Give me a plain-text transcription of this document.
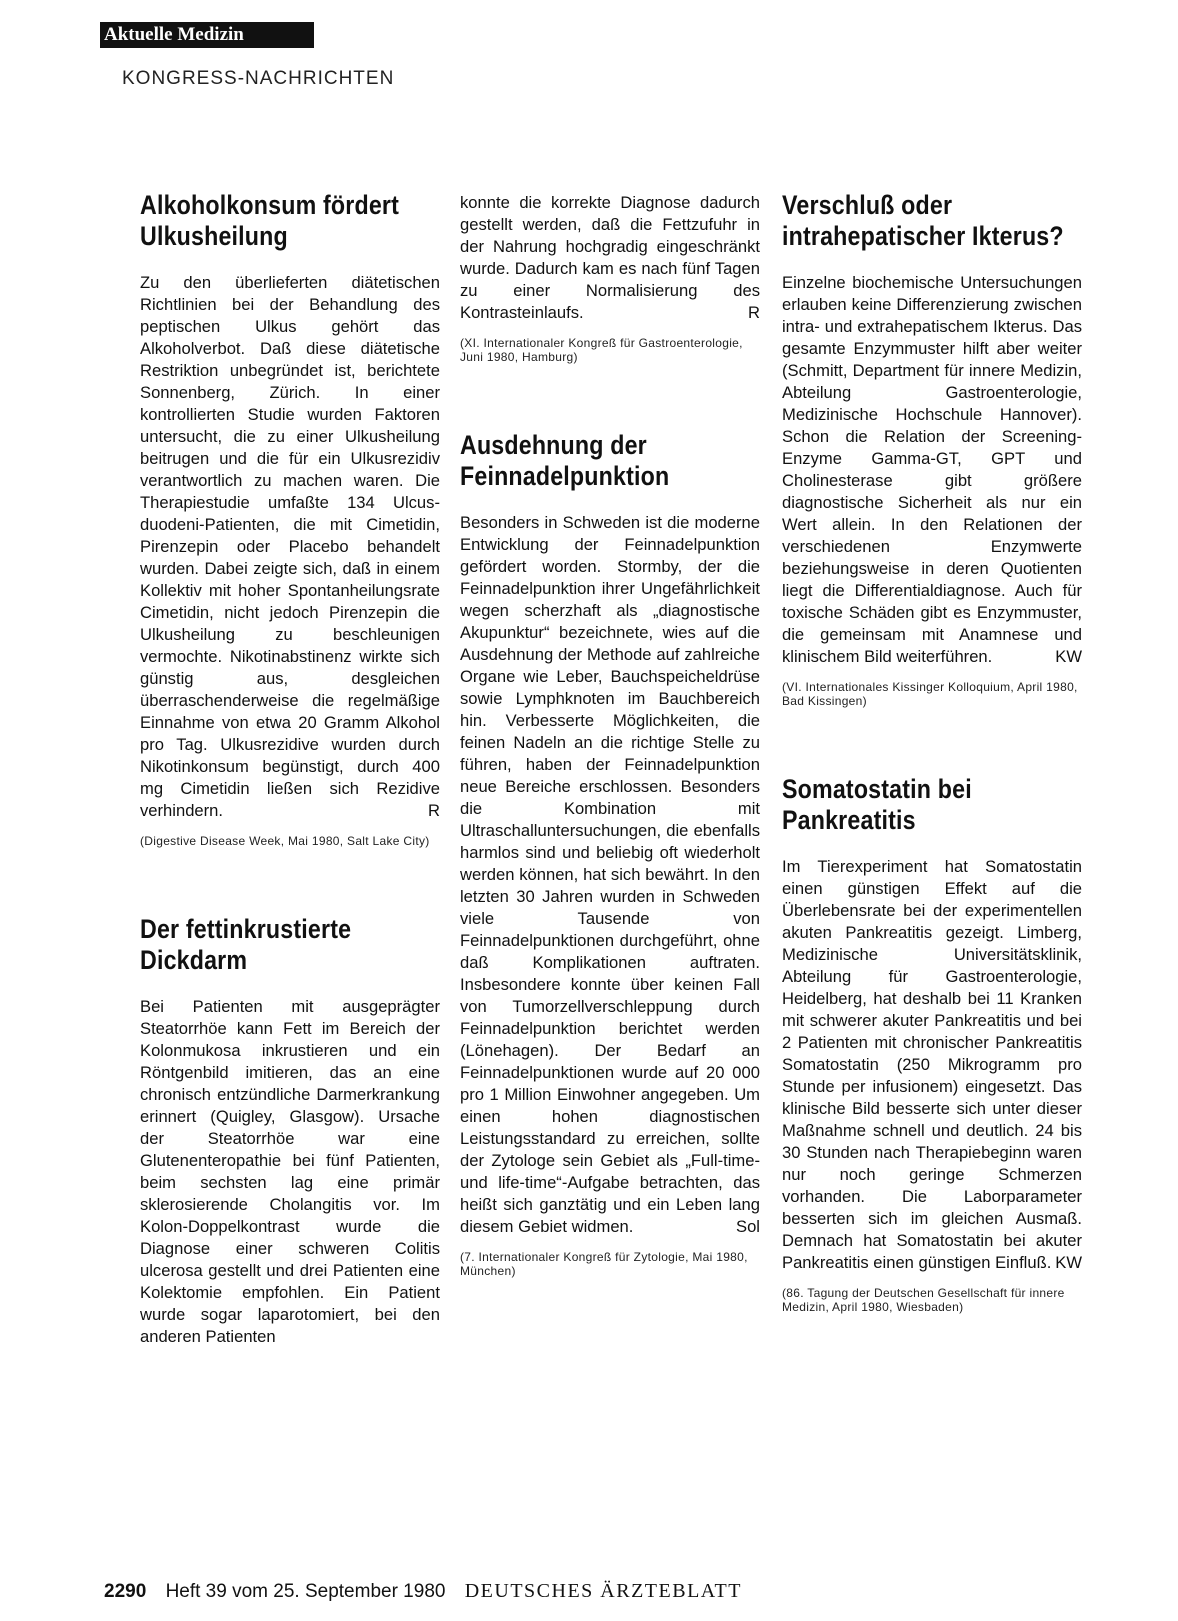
Aktuelle Medizin
KONGRESS-NACHRICHTEN
Alkoholkonsum fördert Ulkusheilung

Zu den überlieferten diätetischen Richtlinien bei der Behandlung des peptischen Ulkus gehört das Alkoholverbot. Daß diese diätetische Restriktion unbegründet ist, berichtete Sonnenberg, Zürich. In einer kontrollierten Studie wurden Faktoren untersucht, die zu einer Ulkusheilung beitrugen und die für ein Ulkusrezidiv verantwortlich zu machen waren. Die Therapiestudie umfaßte 134 Ulcus-duodeni-Patienten, die mit Cimetidin, Pirenzepin oder Placebo behandelt wurden. Dabei zeigte sich, daß in einem Kollektiv mit hoher Spontanheilungsrate Cimetidin, nicht jedoch Pirenzepin die Ulkusheilung zu beschleunigen vermochte. Nikotinabstinenz wirkte sich günstig aus, desgleichen überraschenderweise die regelmäßige Einnahme von etwa 20 Gramm Alkohol pro Tag. Ulkusrezidive wurden durch Nikotinkonsum begünstigt, durch 400 mg Cimetidin ließen sich Rezidive verhindern.	R

(Digestive Disease Week, Mai 1980, Salt Lake City)

Der fettinkrustierte Dickdarm

Bei Patienten mit ausgeprägter Steatorrhöe kann Fett im Bereich der Kolonmukosa inkrustieren und ein Röntgenbild imitieren, das an eine chronisch entzündliche Darmerkrankung erinnert (Quigley, Glasgow). Ursache der Steatorrhöe war eine Glutenenteropathie bei fünf Patienten, beim sechsten lag eine primär sklerosierende Cholangitis vor. Im Kolon-Doppelkontrast wurde die Diagnose einer schweren Colitis ulcerosa gestellt und drei Patienten eine Kolektomie empfohlen. Ein Patient wurde sogar laparotomiert, bei den anderen Patienten

konnte die korrekte Diagnose dadurch gestellt werden, daß die Fettzufuhr in der Nahrung hochgradig eingeschränkt wurde. Dadurch kam es nach fünf Tagen zu einer Normalisierung des Kontrasteinlaufs.	R

(XI. Internationaler Kongreß für Gastroenterologie, Juni 1980, Hamburg)

Ausdehnung der Feinnadelpunktion

Besonders in Schweden ist die moderne Entwicklung der Feinnadelpunktion gefördert worden. Stormby, der die Feinnadelpunktion ihrer Ungefährlichkeit wegen scherzhaft als „diagnostische Akupunktur“ bezeichnete, wies auf die Ausdehnung der Methode auf zahlreiche Organe wie Leber, Bauchspeicheldrüse sowie Lymphknoten im Bauchbereich hin. Verbesserte Möglichkeiten, die feinen Nadeln an die richtige Stelle zu führen, haben der Feinnadelpunktion neue Bereiche erschlossen. Besonders die Kombination mit Ultraschalluntersuchungen, die ebenfalls harmlos sind und beliebig oft wiederholt werden können, hat sich bewährt. In den letzten 30 Jahren wurden in Schweden viele Tausende von Feinnadelpunktionen durchgeführt, ohne daß Komplikationen auftraten. Insbesondere konnte über keinen Fall von Tumorzellverschleppung durch Feinnadelpunktion berichtet werden (Lönehagen). Der Bedarf an Feinnadelpunktionen wurde auf 20 000 pro 1 Million Einwohner angegeben. Um einen hohen diagnostischen Leistungsstandard zu erreichen, sollte der Zytologe sein Gebiet als „Full-time- und life-time“-Aufgabe betrachten, das heißt sich ganztätig und ein Leben lang diesem Gebiet widmen.	Sol

(7. Internationaler Kongreß für Zytologie, Mai 1980, München)

Verschluß oder intrahepatischer Ikterus?

Einzelne biochemische Untersuchungen erlauben keine Differenzierung zwischen intra- und extrahepatischem Ikterus. Das gesamte Enzymmuster hilft aber weiter (Schmitt, Department für innere Medizin, Abteilung Gastroenterologie, Medizinische Hochschule Hannover). Schon die Relation der Screening-Enzyme Gamma-GT, GPT und Cholinesterase gibt größere diagnostische Sicherheit als nur ein Wert allein. In den Relationen der verschiedenen Enzymwerte beziehungsweise in deren Quotienten liegt die Differentialdiagnose. Auch für toxische Schäden gibt es Enzymmuster, die gemeinsam mit Anamnese und klinischem Bild weiterführen.	KW

(VI. Internationales Kissinger Kolloquium, April 1980, Bad Kissingen)

Somatostatin bei Pankreatitis

Im Tierexperiment hat Somatostatin einen günstigen Effekt auf die Überlebensrate bei der experimentellen akuten Pankreatitis gezeigt. Limberg, Medizinische Universitätsklinik, Abteilung für Gastroenterologie, Heidelberg, hat deshalb bei 11 Kranken mit schwerer akuter Pankreatitis und bei 2 Patienten mit chronischer Pankreatitis Somatostatin (250 Mikrogramm pro Stunde per infusionem) eingesetzt. Das klinische Bild besserte sich unter dieser Maßnahme schnell und deutlich. 24 bis 30 Stunden nach Therapiebeginn waren nur noch geringe Schmerzen vorhanden. Die Laborparameter besserten sich im gleichen Ausmaß. Demnach hat Somatostatin bei akuter Pankreatitis einen günstigen Einfluß. KW

(86. Tagung der Deutschen Gesellschaft für innere Medizin, April 1980, Wiesbaden)

2290 Heft 39 vom 25. September 1980 DEUTSCHES ÄRZTEBLATT
